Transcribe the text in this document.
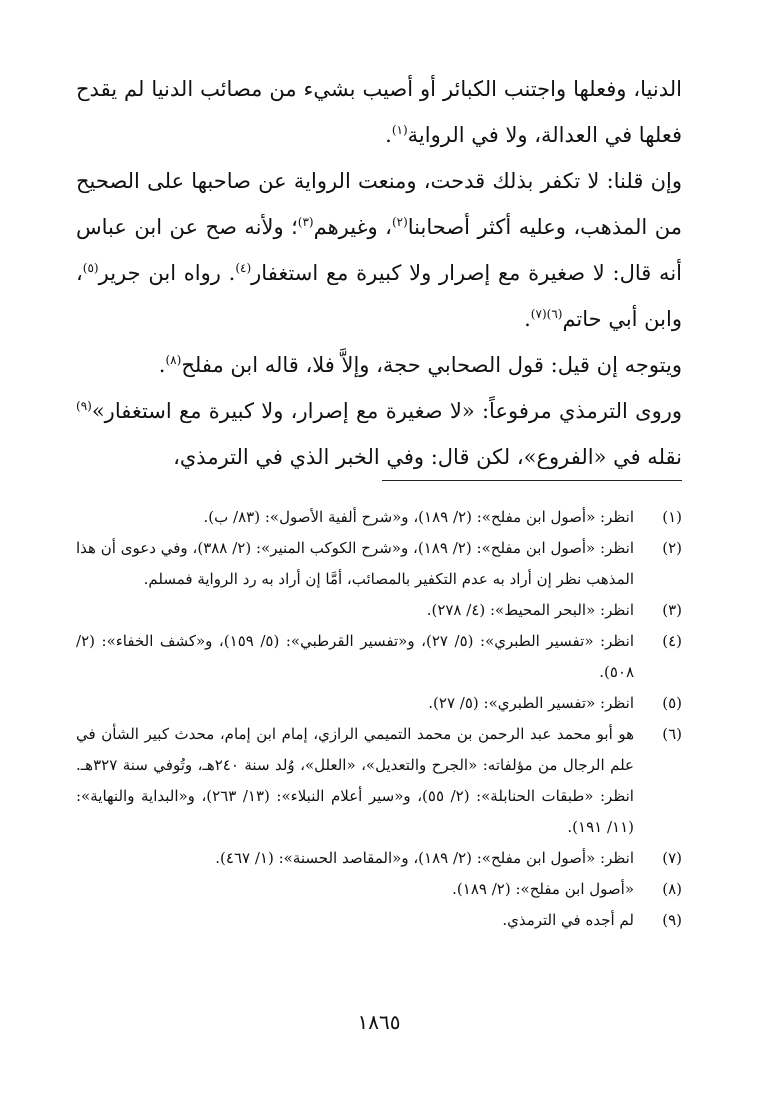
الدنيا، وفعلها واجتنب الكبائر أو أصيب بشيء من مصائب الدنيا لم يقدح فعلها في العدالة، ولا في الرواية$^{(١)}$.

وإن قلنا: لا تكفر بذلك قدحت، ومنعت الرواية عن صاحبها على الصحيح من المذهب، وعليه أكثر أصحابنا$^{(٢)}$، وغيرهم$^{(٣)}$؛ ولأنه صح عن ابن عباس أنه قال: لا صغيرة مع إصرار ولا كبيرة مع استغفار$^{(٤)}$. رواه ابن جرير$^{(٥)}$، وابن أبي حاتم$^{(٦)(٧)}$.

ويتوجه إن قيل: قول الصحابي حجة، وإلاَّ فلا، قاله ابن مفلح$^{(٨)}$.

وروى الترمذي مرفوعاً: «لا صغيرة مع إصرار، ولا كبيرة مع استغفار»$^{(٩)}$ نقله في «الفروع»، لكن قال: وفي الخبر الذي في الترمذي،

(١)
انظر: «أصول ابن مفلح»: (٢/ ١٨٩)، و«شرح ألفية الأصول»: (٨٣/ ب).
(٢)
انظر: «أصول ابن مفلح»: (٢/ ١٨٩)، و«شرح الكوكب المنير»: (٢/ ٣٨٨)، وفي دعوى أن هذا المذهب نظر إن أراد به عدم التكفير بالمصائب، أمَّا إن أراد به رد الرواية فمسلم.
(٣)
انظر: «البحر المحيط»: (٤/ ٢٧٨).
(٤)
انظر: «تفسير الطبري»: (٥/ ٢٧)، و«تفسير القرطبي»: (٥/ ١٥٩)، و«كشف الخفاء»: (٢/ ٥٠٨).
(٥)
انظر: «تفسير الطبري»: (٥/ ٢٧).
(٦)
هو أبو محمد عبد الرحمن بن محمد التميمي الرازي، إمام ابن إمام، محدث كبير الشأن في علم الرجال من مؤلفاته: «الجرح والتعديل»، «العلل»، وُلد سنة ٢٤٠هـ، وتُوفي سنة ٣٢٧هـ. انظر: «طبقات الحنابلة»: (٢/ ٥٥)، و«سير أعلام النبلاء»: (١٣/ ٢٦٣)، و«البداية والنهاية»: (١١/ ١٩١).
(٧)
انظر: «أصول ابن مفلح»: (٢/ ١٨٩)، و«المقاصد الحسنة»: (١/ ٤٦٧).
(٨)
«أصول ابن مفلح»: (٢/ ١٨٩).
(٩)
لم أجده في الترمذي.
١٨٦٥
